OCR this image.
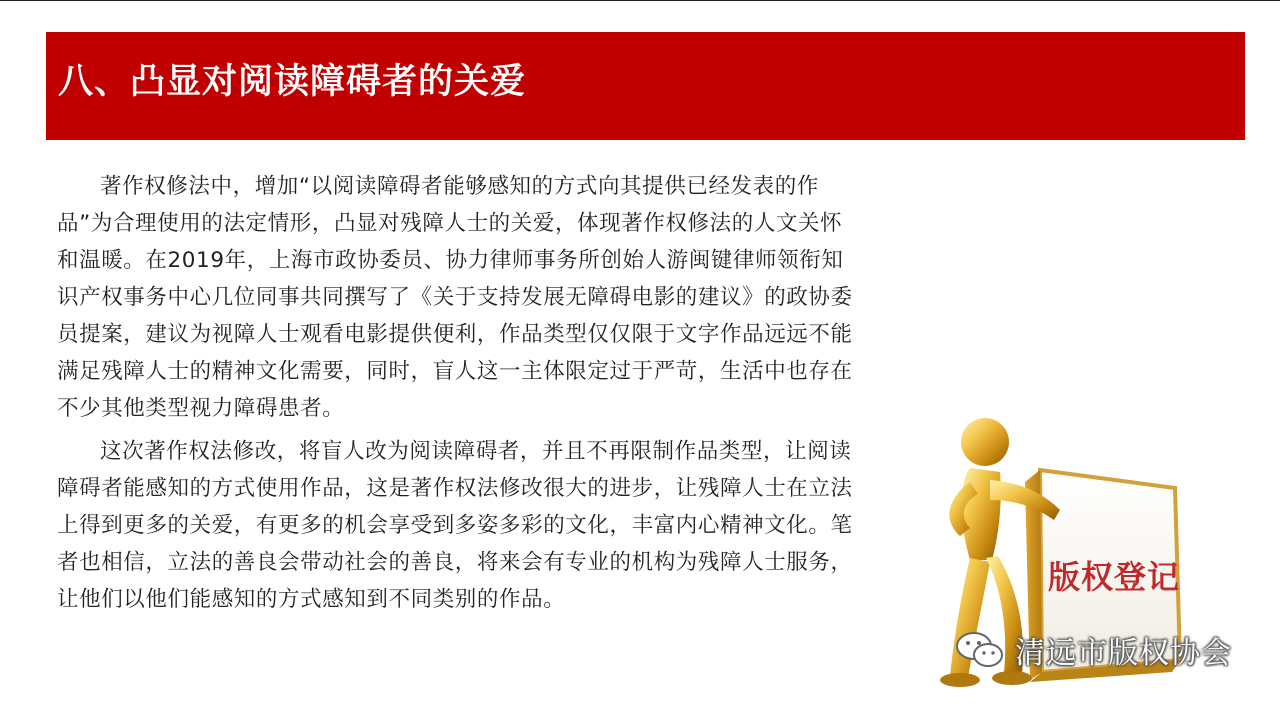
八、凸显对阅读障碍者的关爱

著作权修法中，增加“以阅读障碍者能够感知的方式向其提供已经发表的作品”为合理使用的法定情形，凸显对残障人士的关爱，体现著作权修法的人文关怀和温暖。在2019年，上海市政协委员、协力律师事务所创始人游闽键律师领衔知识产权事务中心几位同事共同撰写了《关于支持发展无障碍电影的建议》的政协委员提案，建议为视障人士观看电影提供便利，作品类型仅仅限于文字作品远远不能满足残障人士的精神文化需要，同时，盲人这一主体限定过于严苛，生活中也存在不少其他类型视力障碍患者。

这次著作权法修改，将盲人改为阅读障碍者，并且不再限制作品类型，让阅读障碍者能感知的方式使用作品，这是著作权法修改很大的进步，让残障人士在立法上得到更多的关爱，有更多的机会享受到多姿多彩的文化，丰富内心精神文化。笔者也相信，立法的善良会带动社会的善良，将来会有专业的机构为残障人士服务，让他们以他们能感知的方式感知到不同类别的作品。

版权登记
清远市版权协会
